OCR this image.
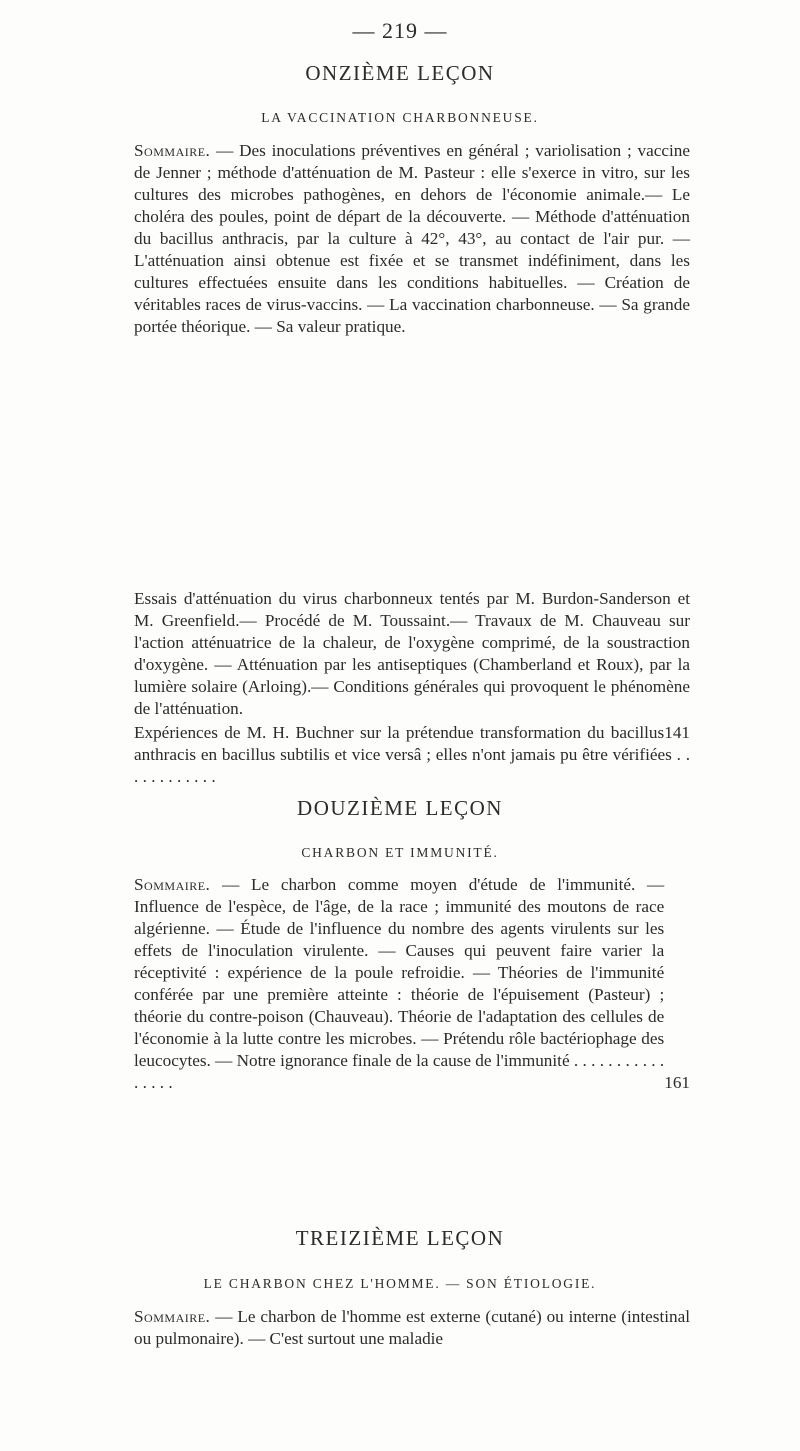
— 219 —
ONZIÈME LEÇON
LA VACCINATION CHARBONNEUSE.

Sommaire. — Des inoculations préventives en général ; variolisation ; vaccine de Jenner ; méthode d'atténuation de M. Pasteur : elle s'exerce in vitro, sur les cultures des microbes pathogènes, en dehors de l'économie animale.— Le choléra des poules, point de départ de la découverte. — Méthode d'atténuation du bacillus anthracis, par la culture à 42°, 43°, au contact de l'air pur. — L'atténuation ainsi obtenue est fixée et se transmet indéfiniment, dans les cultures effectuées ensuite dans les conditions habituelles. — Création de véritables races de virus-vaccins. — La vaccination charbonneuse. — Sa grande portée théorique. — Sa valeur pratique.

Essais d'atténuation du virus charbonneux tentés par M. Burdon-Sanderson et M. Greenfield.— Procédé de M. Toussaint.— Travaux de M. Chauveau sur l'action atténuatrice de la chaleur, de l'oxygène comprimé, de la soustraction d'oxygène. — Atténuation par les antiseptiques (Chamberland et Roux), par la lumière solaire (Arloing).— Conditions générales qui provoquent le phénomène de l'atténuation.

141
Expériences de M. H. Buchner sur la prétendue transformation du bacillus anthracis en bacillus subtilis et vice versâ ; elles n'ont jamais pu être vérifiées . . . . . . . . . . . .

DOUZIÈME LEÇON
CHARBON ET IMMUNITÉ.

161
Sommaire. — Le charbon comme moyen d'étude de l'immunité. — Influence de l'espèce, de l'âge, de la race ; immunité des moutons de race algérienne. — Étude de l'influence du nombre des agents virulents sur les effets de l'inoculation virulente. — Causes qui peuvent faire varier la réceptivité : expérience de la poule refroidie. — Théories de l'immunité conférée par une première atteinte : théorie de l'épuisement (Pasteur) ; théorie du contre-poison (Chauveau). Théorie de l'adaptation des cellules de l'économie à la lutte contre les microbes. — Prétendu rôle bactériophage des leucocytes. — Notre ignorance finale de la cause de l'immunité . . . . . . . . . . . . . . . .

TREIZIÈME LEÇON
LE CHARBON CHEZ L'HOMME. — SON ÉTIOLOGIE.

Sommaire. — Le charbon de l'homme est externe (cutané) ou interne (intestinal ou pulmonaire). — C'est surtout une maladie
